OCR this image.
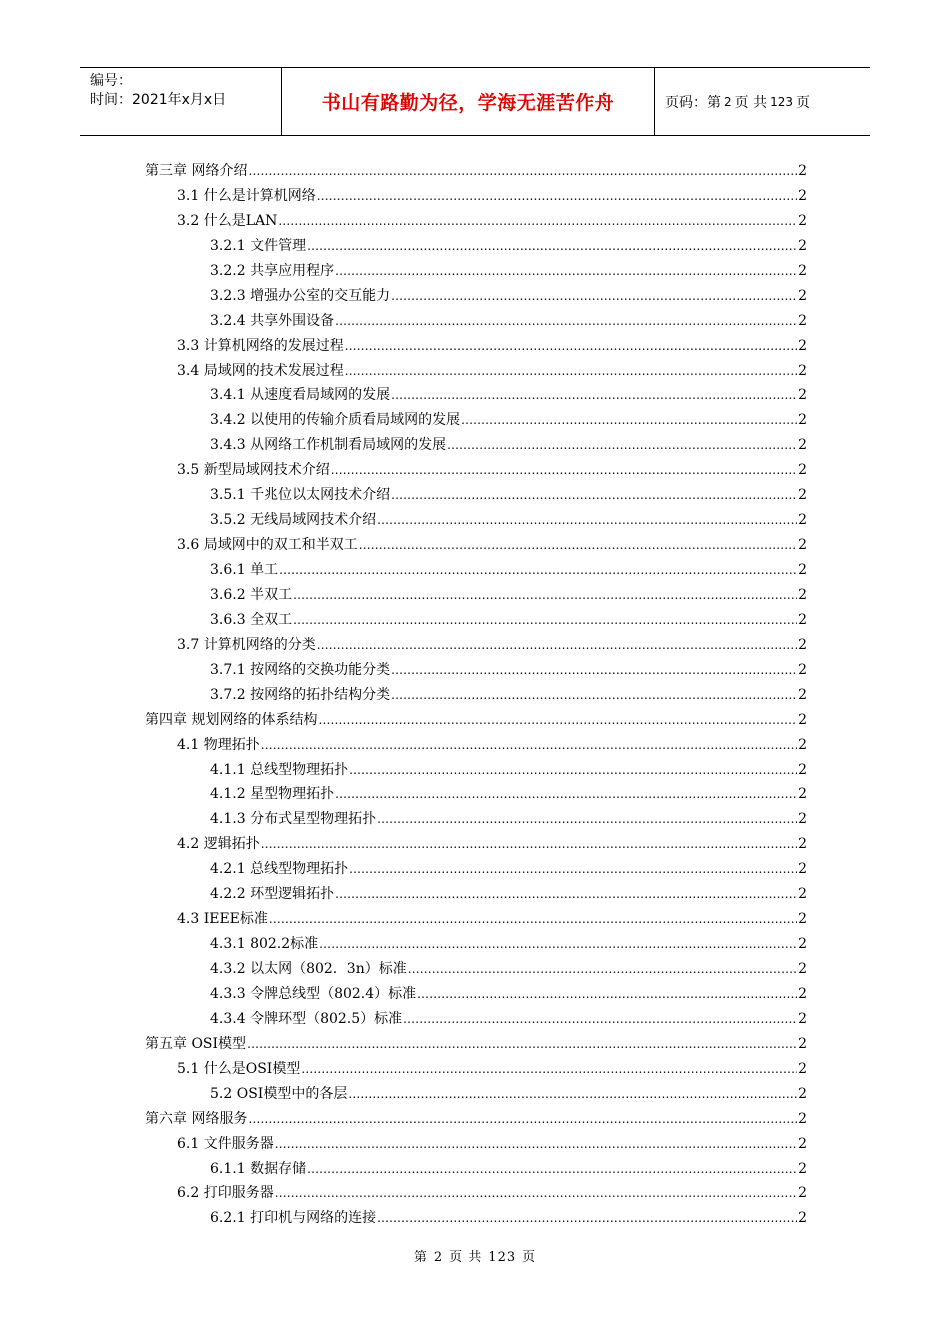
编号：
时间：2021年x月x日	书山有路勤为径，学海无涯苦作舟	页码：第 2 页 共 123 页
第三章 网络介绍 .....	2
3.1 什么是计算机网络 .....	2
3.2 什么是LAN .....	2
3.2.1 文件管理 .....	2
3.2.2 共享应用程序 .....	2
3.2.3 增强办公室的交互能力 .....	2
3.2.4 共享外围设备 .....	2
3.3 计算机网络的发展过程 .....	2
3.4 局域网的技术发展过程 .....	2
3.4.1 从速度看局域网的发展 .....	2
3.4.2 以使用的传输介质看局域网的发展 .....	2
3.4.3 从网络工作机制看局域网的发展 .....	2
3.5 新型局域网技术介绍 .....	2
3.5.1 千兆位以太网技术介绍 .....	2
3.5.2 无线局域网技术介绍 .....	2
3.6 局域网中的双工和半双工 .....	2
3.6.1 单工 .....	2
3.6.2 半双工 .....	2
3.6.3 全双工 .....	2
3.7 计算机网络的分类 .....	2
3.7.1 按网络的交换功能分类 .....	2
3.7.2 按网络的拓扑结构分类 .....	2
第四章 规划网络的体系结构 .....	2
4.1 物理拓扑 .....	2
4.1.1 总线型物理拓扑 .....	2
4.1.2 星型物理拓扑 .....	2
4.1.3 分布式星型物理拓扑 .....	2
4.2 逻辑拓扑 .....	2
4.2.1 总线型物理拓扑 .....	2
4.2.2 环型逻辑拓扑 .....	2
4.3 IEEE标准 .....	2
4.3.1 802.2标准 .....	2
4.3.2 以太网（802．3n）标准 .....	2
4.3.3 令牌总线型（802.4）标准 .....	2
4.3.4 令牌环型（802.5）标准 .....	2
第五章 OSI模型 .....	2
5.1 什么是OSI模型 .....	2
5.2 OSI模型中的各层 .....	2
第六章 网络服务 .....	2
6.1 文件服务器 .....	2
6.1.1 数据存储 .....	2
6.2 打印服务器 .....	2
6.2.1 打印机与网络的连接 .....	2
第 2 页 共 123 页
